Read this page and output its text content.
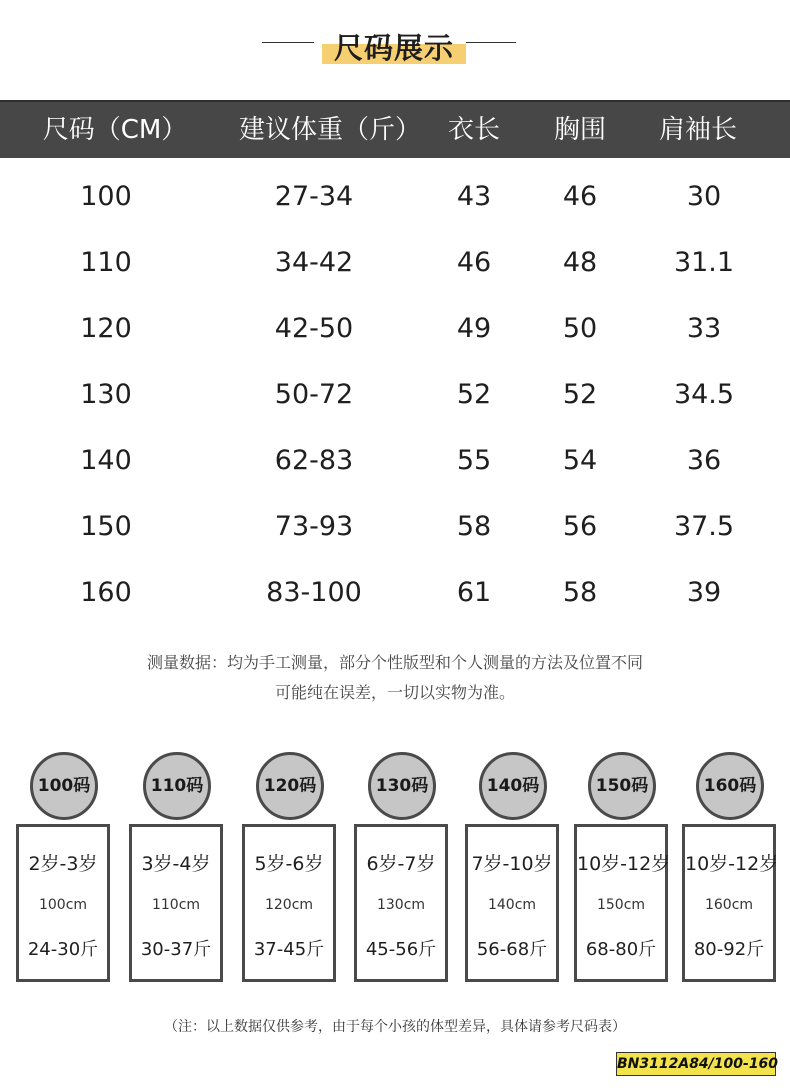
尺码展示
尺码（CM）	建议体重（斤）	衣长	胸围	肩袖长
100	27-34	43	46	30
110	34-42	46	48	31.1
120	42-50	49	50	33
130	50-72	52	52	34.5
140	62-83	55	54	36
150	73-93	58	56	37.5
160	83-100	61	58	39
测量数据：均为手工测量，部分个性版型和个人测量的方法及位置不同
可能纯在误差，一切以实物为准。
100码
2岁-3岁
100cm
24-30斤
110码
3岁-4岁
110cm
30-37斤
120码
5岁-6岁
120cm
37-45斤
130码
6岁-7岁
130cm
45-56斤
140码
7岁-10岁
140cm
56-68斤
150码
10岁-12岁
150cm
68-80斤
160码
10岁-12岁
160cm
80-92斤
（注：以上数据仅供参考，由于每个小孩的体型差异，具体请参考尺码表）
BN3112A84/100-160
